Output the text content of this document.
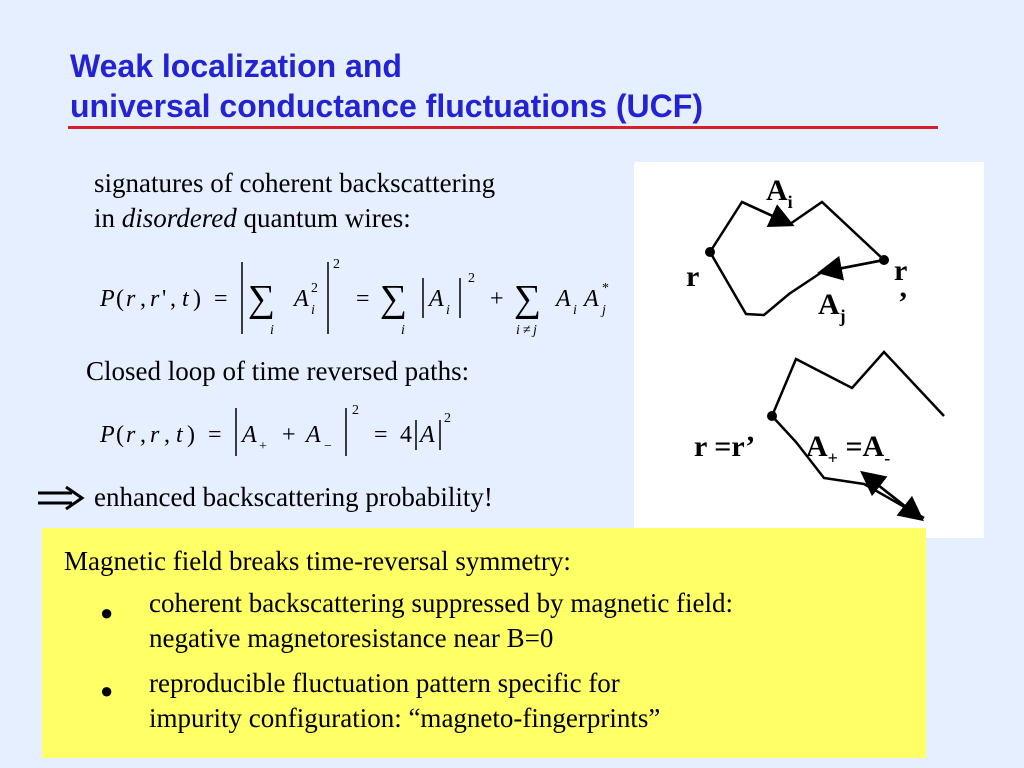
Weak localization and
universal conductance fluctuations (UCF)
signatures of coherent backscattering
in disordered quantum wires:
P ( r , r ' , t ) = ∑
i
A i
2
2
= ∑
i
A i
2
+ ∑
i ≠ j
A i A j
*
Closed loop of time reversed paths:
P ( r , r , t ) = A + + A −
2
= 4 A
2
enhanced backscattering probability!
$A_i$
$A_j$
r	r
’
r =r’ $A_+ =A_-$
Magnetic field breaks time-reversal symmetry:
● coherent backscattering suppressed by magnetic field:
negative magnetoresistance near B=0
● reproducible fluctuation pattern specific for
impurity configuration: “magneto-fingerprints”
